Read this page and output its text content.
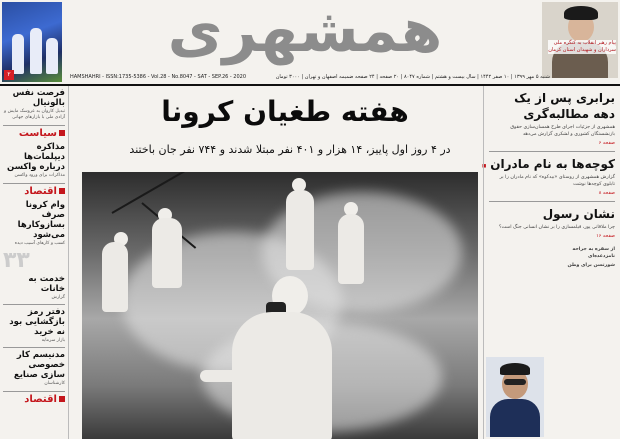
۲
همشهری	پیام رهبر انقلاب به کنگره ملی سرداران و شهیدان استان کرمان
HAMSHAHRI - ISSN:1735-5386 - Vol.28 - No.8047 - SAT - SEP.26 - 2020	شنبه ۵ مهر ۱۳۹۹ | ۱۰ صفر ۱۴۴۲ | سال بیست و هشتم | شماره ۸۰۴۷ | ۲۰ صفحه | ۲۴ صفحه ضمیمه اصفهان و تهران | ۳۰۰۰ تومان
فرصت نفس بالونیال
تبدیل کاروان به عروسک مایش و آزادی ملی با بازارهای جهانی
سیاست
مذاکره دیپلمات‌ها درباره واکسن
مذاکرات برای ورود واکسن
اقتصاد
وام کرونا صرف بسازوکارها می‌شود
کسب و کارهای آسیب دیده
۳۳
خدمت به خانات
گزارش
دفتر رمز بازگشایی بود نه خرید
بازار سرمایه
مدنیسم کار خصوصی سازی صنایع
کارشناسان
اقتصاد
هفته طغیان کرونا
در ۴ روز اول پاییز، ۱۴ هزار و ۴۰۱ نفر مبتلا شدند و ۷۴۴ نفر جان باختند
■
برابری پس از یک دهه مطالبه‌گری
همشهری از جزئیات اجرای طرح همسان‌سازی حقوق بازنشستگان کشوری و لشکری گزارش می‌دهد
صفحه ۶
کوچه‌ها به نام مادران
گزارش همشهری از روستای «بیدکوه» که نام مادران را بر تابلوی کوچه‌ها نوشت
صفحه ۸
نشان رسول
چرا ملاقاتی پور، فیلمسازی را بر نشان انسانی جنگ است؟
صفحه ۱۶
از سفره به جراحه نامزدعده‌ای
شورتسن برای وطن
